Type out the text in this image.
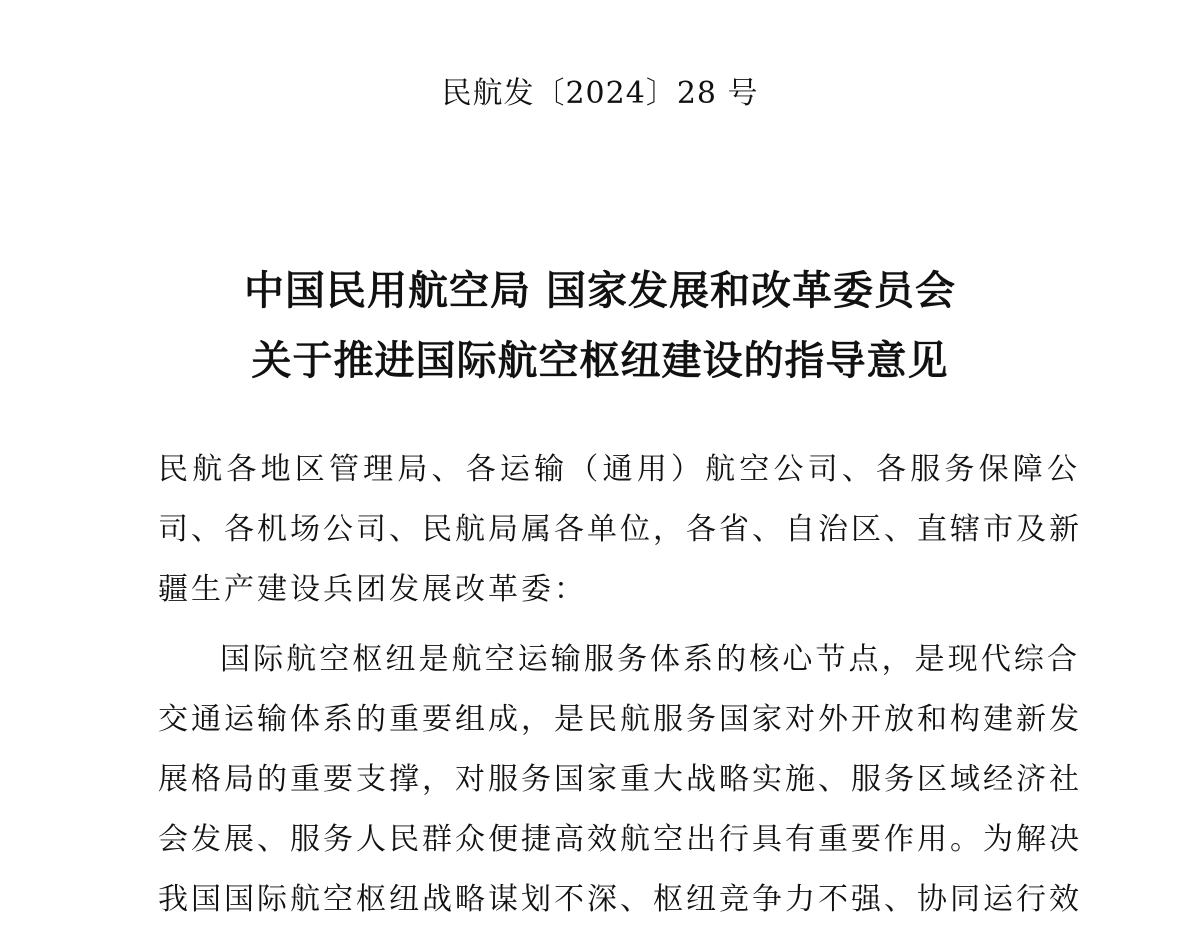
民航发〔2024〕28 号
中国民用航空局 国家发展和改革委员会
关于推进国际航空枢纽建设的指导意见
民航各地区管理局、各运输（通用）航空公司、各服务保障公
司、各机场公司、民航局属各单位，各省、自治区、直辖市及新
疆生产建设兵团发展改革委：
国际航空枢纽是航空运输服务体系的核心节点，是现代综合
交通运输体系的重要组成，是民航服务国家对外开放和构建新发
展格局的重要支撑，对服务国家重大战略实施、服务区域经济社
会发展、服务人民群众便捷高效航空出行具有重要作用。为解决
我国国际航空枢纽战略谋划不深、枢纽竞争力不强、协同运行效
